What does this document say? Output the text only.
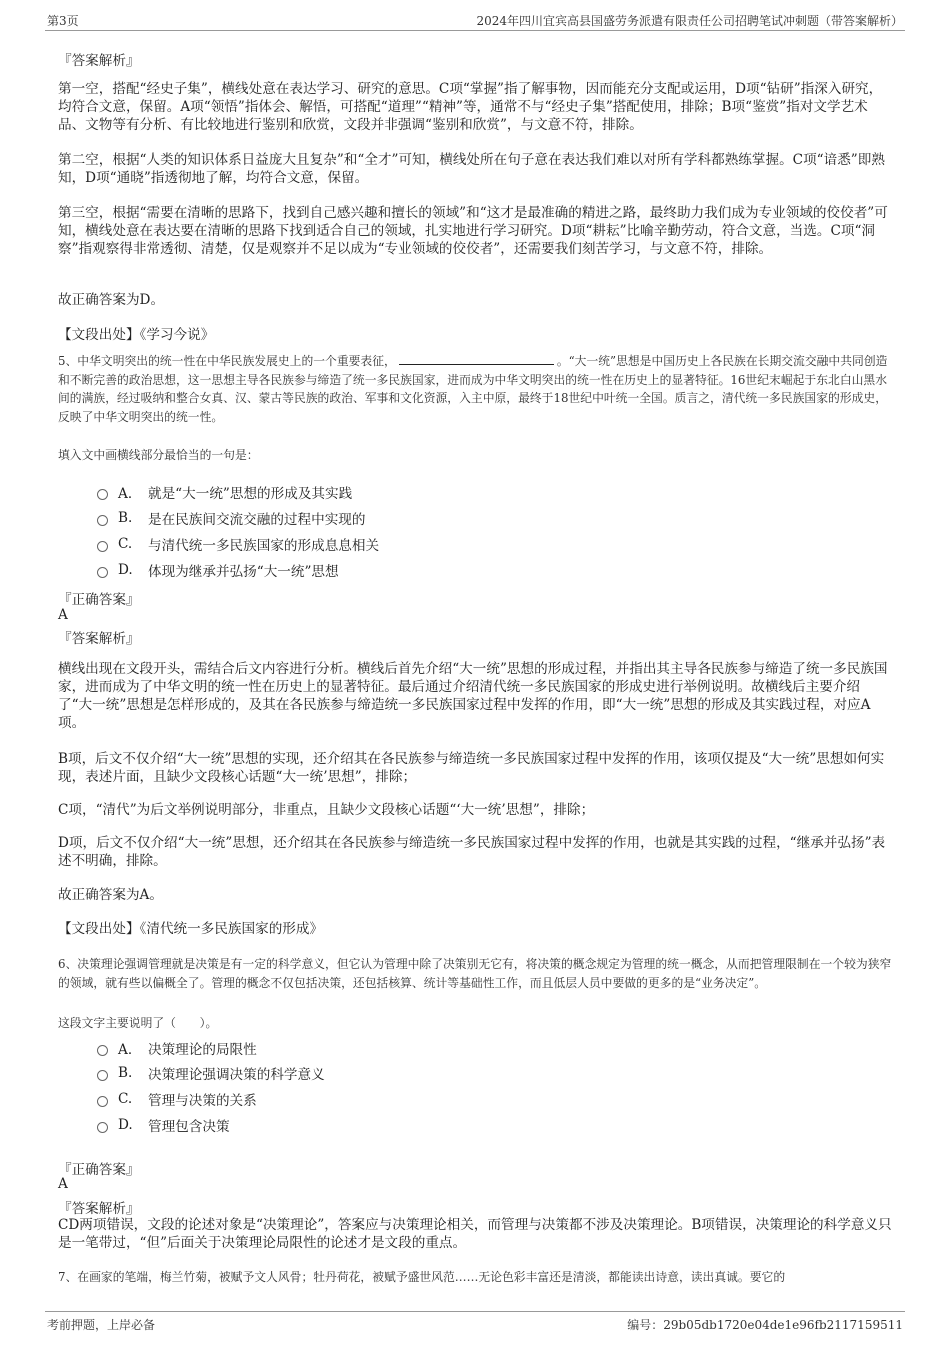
第3页	2024年四川宜宾高县国盛劳务派遣有限责任公司招聘笔试冲刺题（带答案解析）
『答案解析』
第一空，搭配“经史子集”，横线处意在表达学习、研究的意思。C项“掌握”指了解事物，因而能充分支配或运用，D项“钻研”指深入研究，均符合文意，保留。A项“领悟”指体会、解悟，可搭配“道理”“精神”等，通常不与“经史子集”搭配使用，排除；B项“鉴赏”指对文学艺术品、文物等有分析、有比较地进行鉴别和欣赏，文段并非强调“鉴别和欣赏”，与文意不符，排除。
第二空，根据“人类的知识体系日益庞大且复杂”和“全才”可知，横线处所在句子意在表达我们难以对所有学科都熟练掌握。C项“谙悉”即熟知，D项“通晓”指透彻地了解，均符合文意，保留。
第三空，根据“需要在清晰的思路下，找到自己感兴趣和擅长的领域”和“这才是最准确的精进之路，最终助力我们成为专业领域的佼佼者”可知，横线处意在表达要在清晰的思路下找到适合自己的领域，扎实地进行学习研究。D项“耕耘”比喻辛勤劳动，符合文意，当选。C项“洞察”指观察得非常透彻、清楚，仅是观察并不足以成为“专业领域的佼佼者”，还需要我们刻苦学习，与文意不符，排除。
故正确答案为D。
【文段出处】《学习今说》
5、中华文明突出的统一性在中华民族发展史上的一个重要表征，	。“大一统”思想是中国历史上各民族在长期交流交融中共同创造和不断完善的政治思想，这一思想主导各民族参与缔造了统一多民族国家，进而成为中华文明突出的统一性在历史上的显著特征。16世纪末崛起于东北白山黑水间的满族，经过吸纳和整合女真、汉、蒙古等民族的政治、军事和文化资源，入主中原，最终于18世纪中叶统一全国。质言之，清代统一多民族国家的形成史，反映了中华文明突出的统一性。
填入文中画横线部分最恰当的一句是：
A． 就是“大一统”思想的形成及其实践
B.	是在民族间交流交融的过程中实现的
C.	与清代统一多民族国家的形成息息相关
D.	体现为继承并弘扬“大一统”思想
『正确答案』
A
『答案解析』
横线出现在文段开头，需结合后文内容进行分析。横线后首先介绍“大一统”思想的形成过程，并指出其主导各民族参与缔造了统一多民族国家，进而成为了中华文明的统一性在历史上的显著特征。最后通过介绍清代统一多民族国家的形成史进行举例说明。故横线后主要介绍了“大一统”思想是怎样形成的，及其在各民族参与缔造统一多民族国家过程中发挥的作用，即“大一统”思想的形成及其实践过程，对应A项。
B项，后文不仅介绍“大一统”思想的实现，还介绍其在各民族参与缔造统一多民族国家过程中发挥的作用，该项仅提及“大一统”思想如何实现，表述片面，且缺少文段核心话题“大一统’思想”，排除；
C项，“清代”为后文举例说明部分，非重点，且缺少文段核心话题“‘大一统’思想”，排除；
D项，后文不仅介绍“大一统”思想，还介绍其在各民族参与缔造统一多民族国家过程中发挥的作用，也就是其实践的过程，“继承并弘扬”表述不明确，排除。
故正确答案为A。
【文段出处】《清代统一多民族国家的形成》
6、决策理论强调管理就是决策是有一定的科学意义，但它认为管理中除了决策别无它有，将决策的概念规定为管理的统一概念，从而把管理限制在一个较为狭窄的领域，就有些以偏概全了。管理的概念不仅包括决策，还包括核算、统计等基础性工作，而且低层人员中要做的更多的是“业务决定”。
这段文字主要说明了（　　）。
A． 决策理论的局限性
B.	决策理论强调决策的科学意义
C.	管理与决策的关系
D.	管理包含决策
『正确答案』
A
『答案解析』
CD两项错误，文段的论述对象是“决策理论”，答案应与决策理论相关，而管理与决策都不涉及决策理论。B项错误，决策理论的科学意义只是一笔带过，“但”后面关于决策理论局限性的论述才是文段的重点。
7、在画家的笔端，梅兰竹菊，被赋予文人风骨；牡丹荷花，被赋予盛世风范……无论色彩丰富还是清淡，都能读出诗意，读出真诚。要它的
考前押题，上岸必备	编号：29b05db1720e04de1e96fb2117159511
